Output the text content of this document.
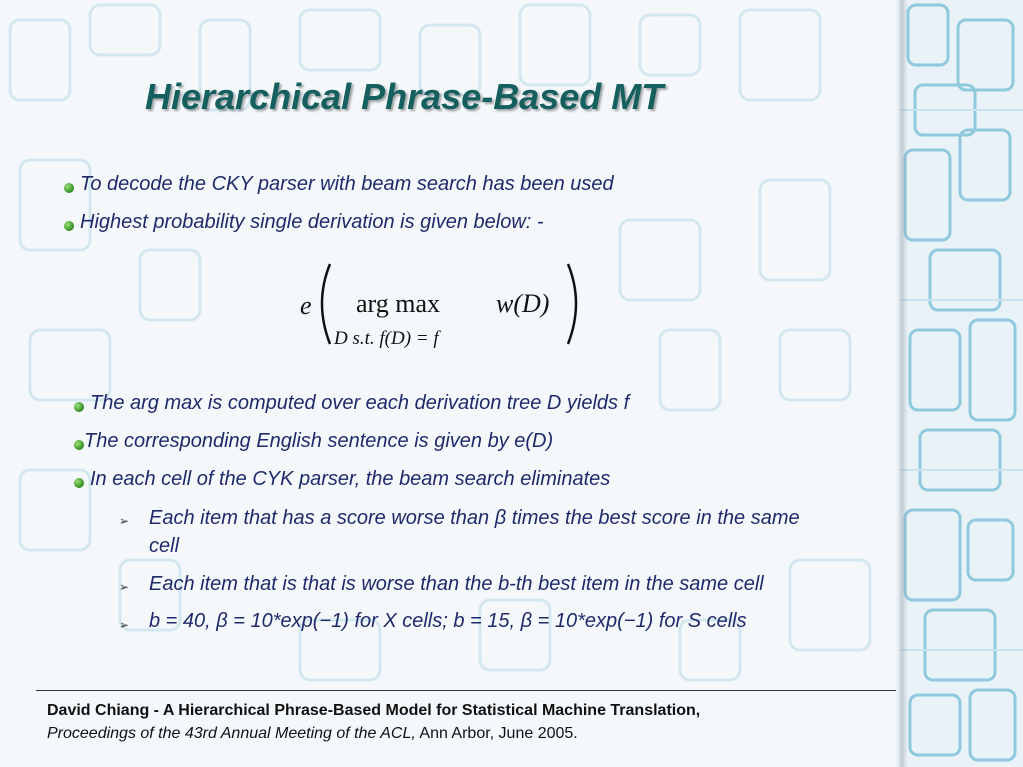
Hierarchical Phrase-Based MT
To decode the CKY parser with beam search has been used
Highest probability single derivation is given below: -
e arg max w(D)
D s.t. f(D) = f
The arg max is computed over each derivation tree D yields f
The corresponding English sentence is given by e(D)
In each cell of the CYK parser, the beam search eliminates
➢ Each item that has a score worse than β times the best score in the same
cell
➢ Each item that is that is worse than the b-th best item in the same cell
➢ b = 40, β = 10*exp(−1) for X cells; b = 15, β = 10*exp(−1) for S cells
David Chiang - A Hierarchical Phrase-Based Model for Statistical Machine Translation,
Proceedings of the 43rd Annual Meeting of the ACL, Ann Arbor, June 2005.
